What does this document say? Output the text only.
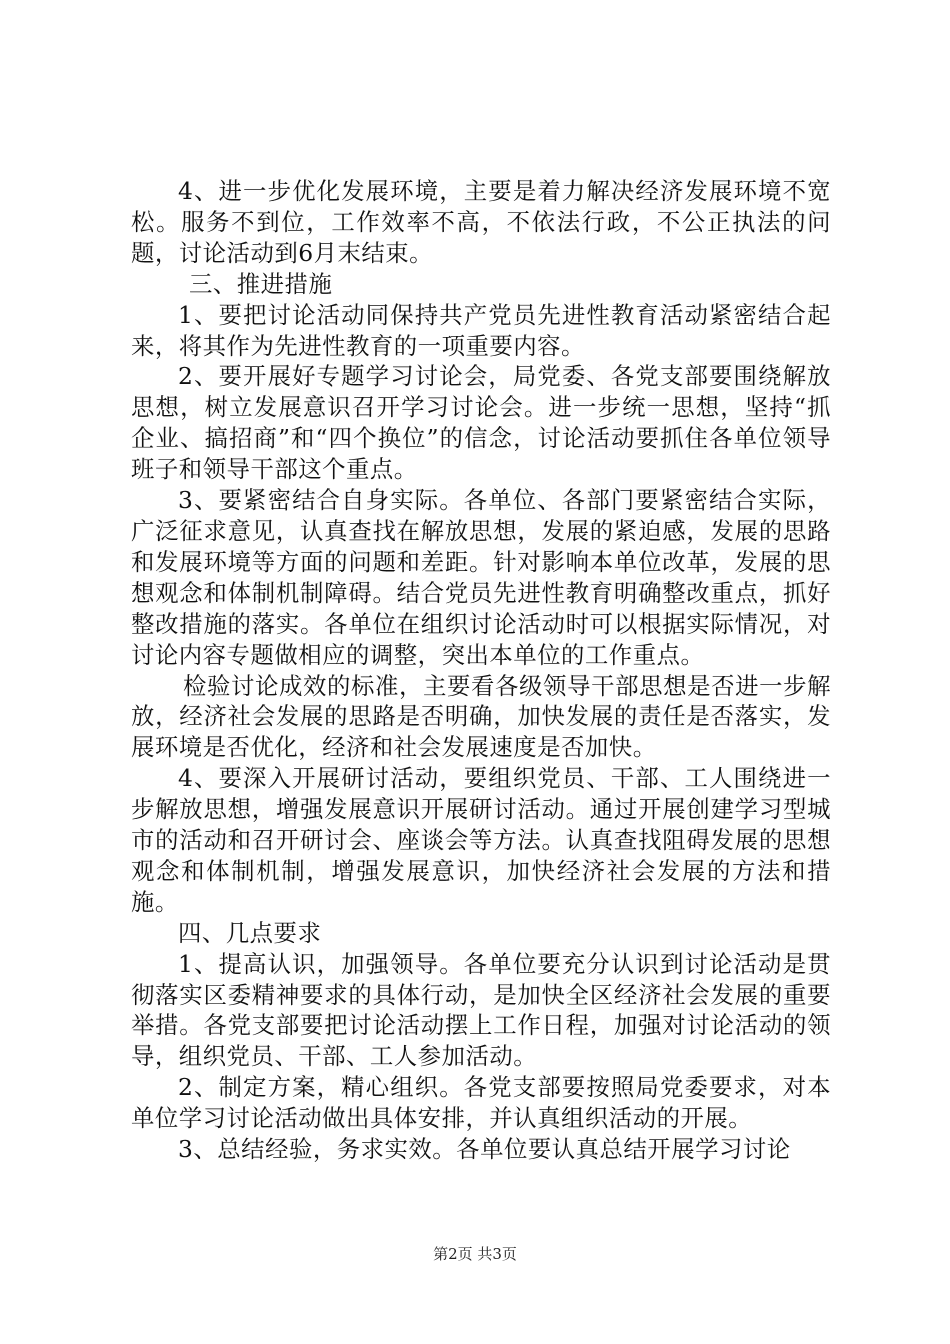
4、进一步优化发展环境，主要是着力解决经济发展环境不宽松。服务不到位，工作效率不高，不依法行政，不公正执法的问题，讨论活动到6月末结束。

三、推进措施

1、要把讨论活动同保持共产党员先进性教育活动紧密结合起来，将其作为先进性教育的一项重要内容。

2、要开展好专题学习讨论会，局党委、各党支部要围绕解放思想，树立发展意识召开学习讨论会。进一步统一思想，坚持“抓企业、搞招商”和“四个换位”的信念，讨论活动要抓住各单位领导班子和领导干部这个重点。

3、要紧密结合自身实际。各单位、各部门要紧密结合实际，广泛征求意见，认真查找在解放思想，发展的紧迫感，发展的思路和发展环境等方面的问题和差距。针对影响本单位改革，发展的思想观念和体制机制障碍。结合党员先进性教育明确整改重点，抓好整改措施的落实。各单位在组织讨论活动时可以根据实际情况，对讨论内容专题做相应的调整，突出本单位的工作重点。

检验讨论成效的标准，主要看各级领导干部思想是否进一步解放，经济社会发展的思路是否明确，加快发展的责任是否落实，发展环境是否优化，经济和社会发展速度是否加快。

4、要深入开展研讨活动，要组织党员、干部、工人围绕进一步解放思想，增强发展意识开展研讨活动。通过开展创建学习型城市的活动和召开研讨会、座谈会等方法。认真查找阻碍发展的思想观念和体制机制，增强发展意识，加快经济社会发展的方法和措施。

四、几点要求

1、提高认识，加强领导。各单位要充分认识到讨论活动是贯彻落实区委精神要求的具体行动，是加快全区经济社会发展的重要举措。各党支部要把讨论活动摆上工作日程，加强对讨论活动的领导，组织党员、干部、工人参加活动。

2、制定方案，精心组织。各党支部要按照局党委要求，对本单位学习讨论活动做出具体安排，并认真组织活动的开展。

3、总结经验，务求实效。各单位要认真总结开展学习讨论

第2页 共3页
